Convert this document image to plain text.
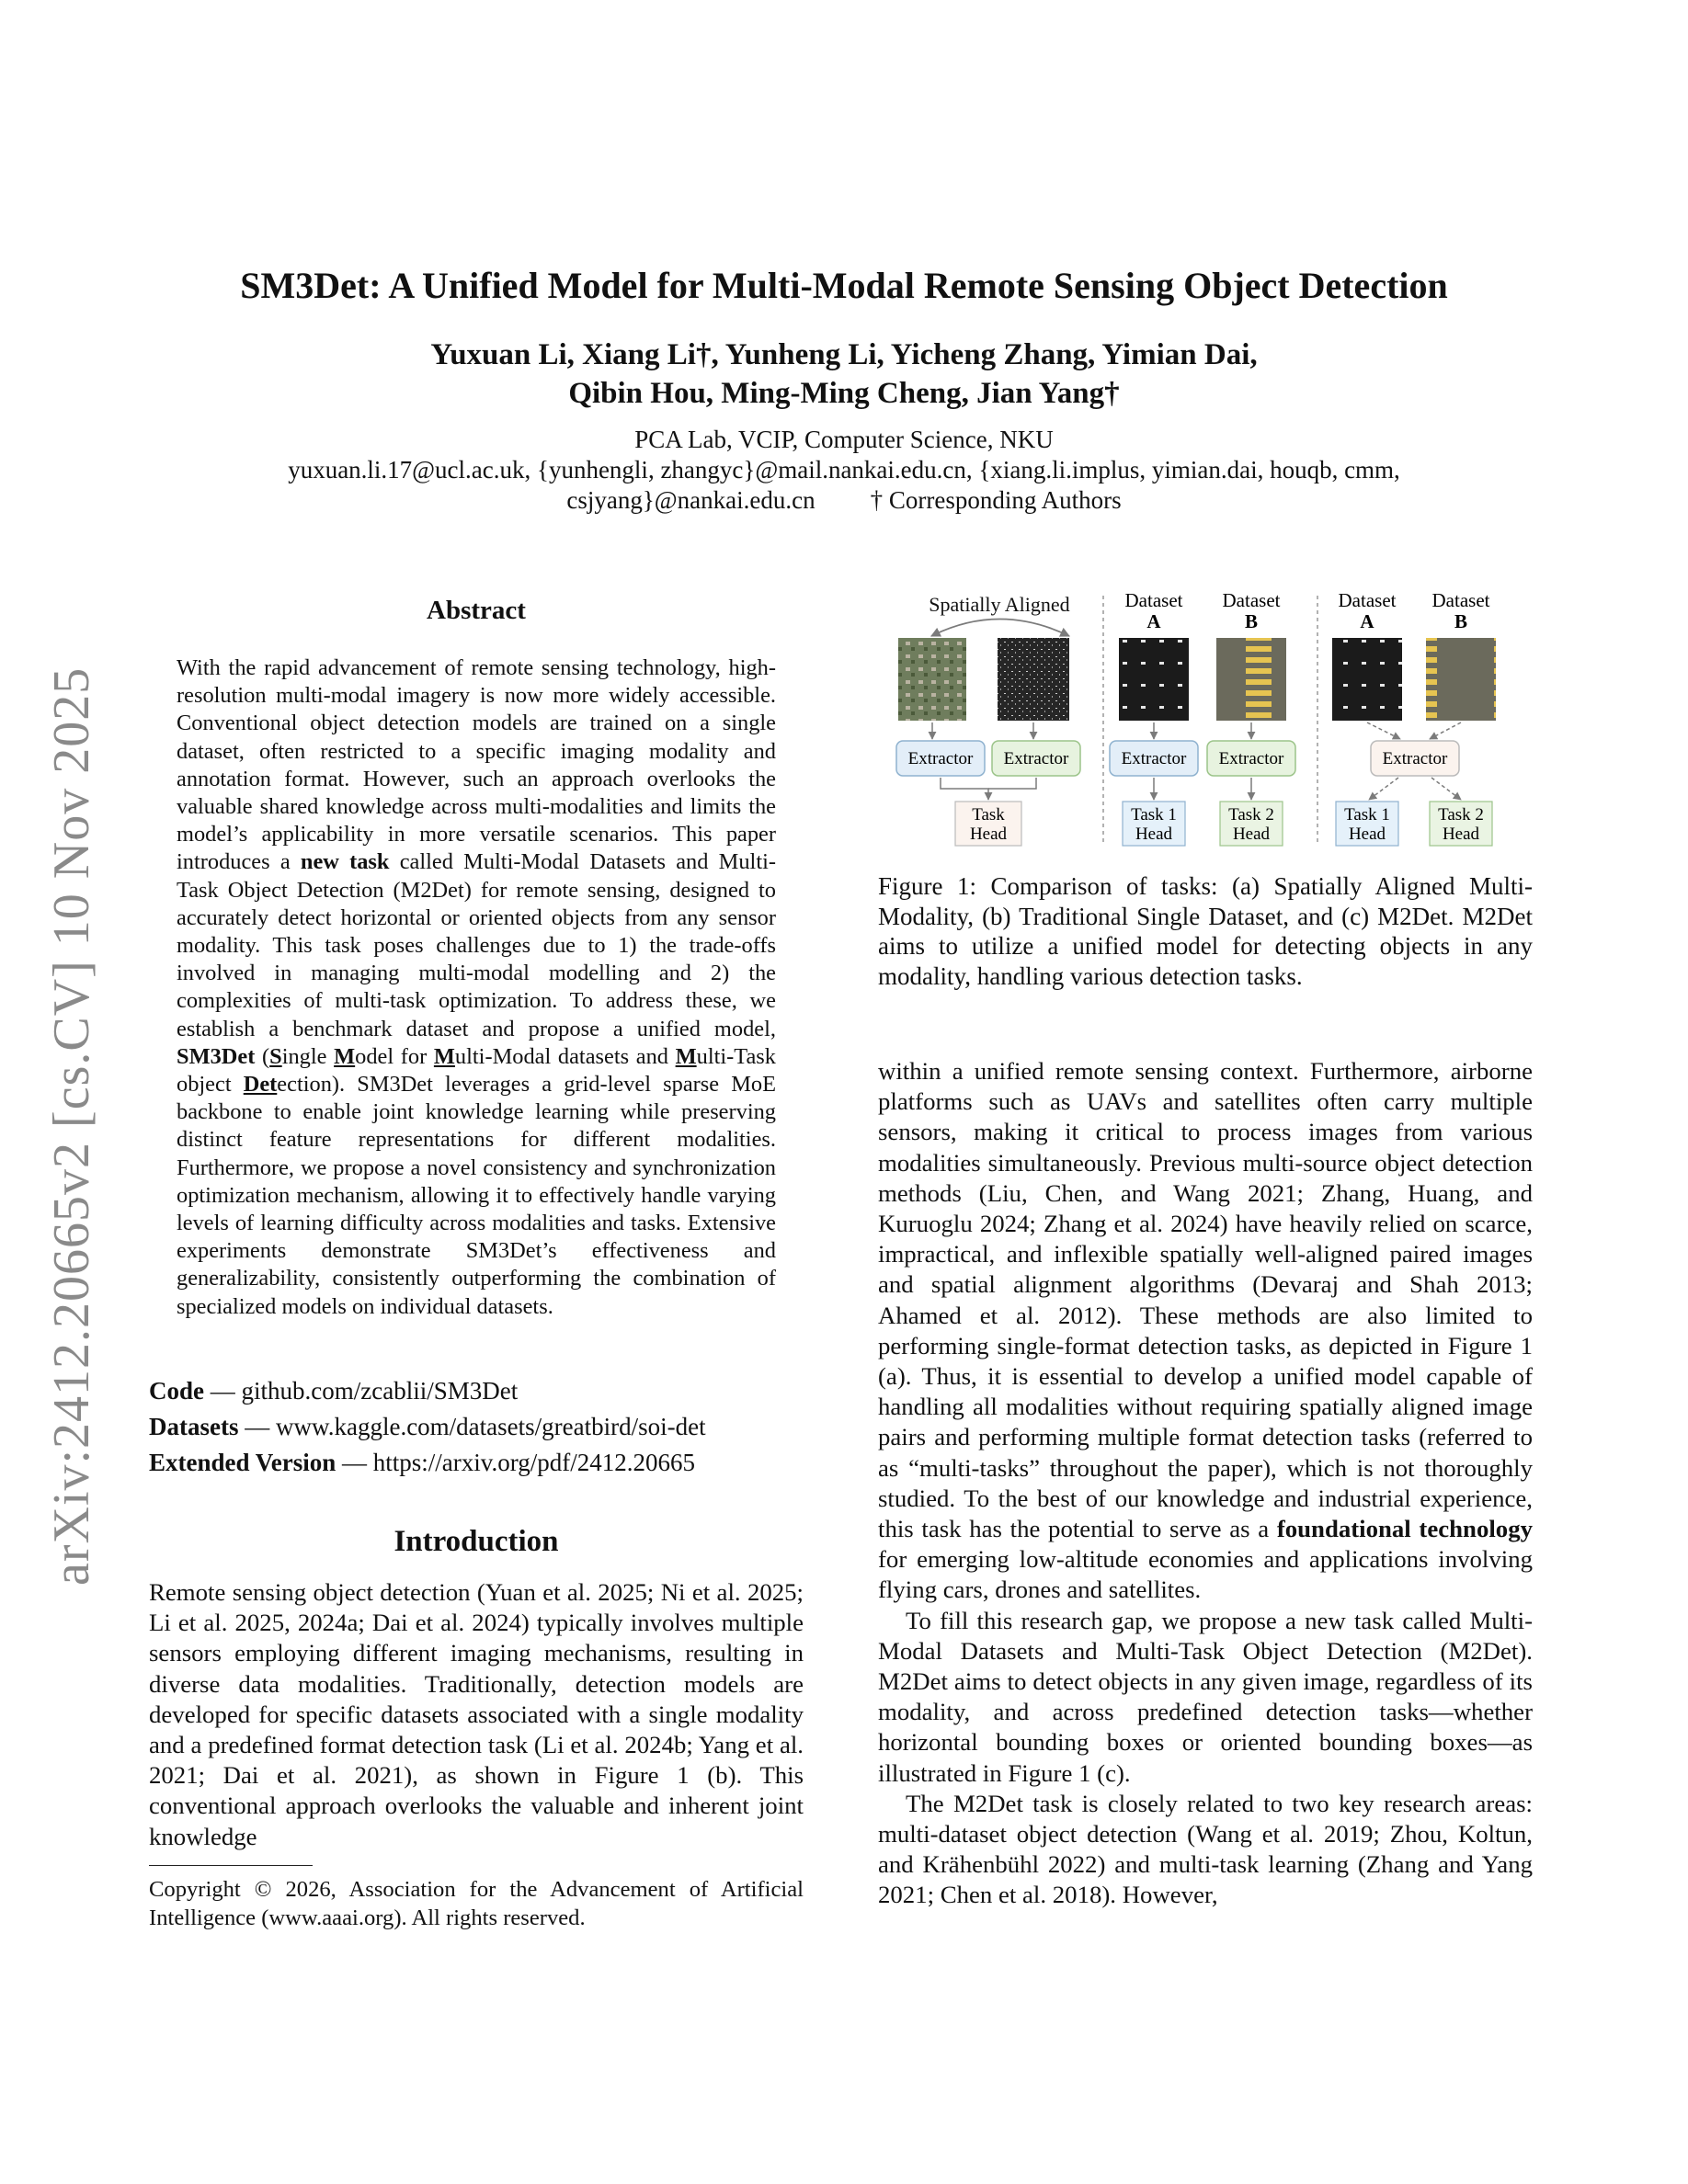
arXiv:2412.20665v2 [cs.CV] 10 Nov 2025
SM3Det: A Unified Model for Multi-Modal Remote Sensing Object Detection
Yuxuan Li, Xiang Li†, Yunheng Li, Yicheng Zhang, Yimian Dai,
Qibin Hou, Ming-Ming Cheng, Jian Yang†
PCA Lab, VCIP, Computer Science, NKU
yuxuan.li.17@ucl.ac.uk, {yunhengli, zhangyc}@mail.nankai.edu.cn, {xiang.li.implus, yimian.dai, houqb, cmm,
csjyang}@nankai.edu.cn † Corresponding Authors
Abstract
With the rapid advancement of remote sensing technology, high-resolution multi-modal imagery is now more widely accessible. Conventional object detection models are trained on a single dataset, often restricted to a specific imaging modality and annotation format. However, such an approach overlooks the valuable shared knowledge across multi-modalities and limits the model’s applicability in more versatile scenarios. This paper introduces a new task called Multi-Modal Datasets and Multi-Task Object Detection (M2Det) for remote sensing, designed to accurately detect horizontal or oriented objects from any sensor modality. This task poses challenges due to 1) the trade-offs involved in managing multi-modal modelling and 2) the complexities of multi-task optimization. To address these, we establish a benchmark dataset and propose a unified model, SM3Det (Single Model for Multi-Modal datasets and Multi-Task object Detection). SM3Det leverages a grid-level sparse MoE backbone to enable joint knowledge learning while preserving distinct feature representations for different modalities. Furthermore, we propose a novel consistency and synchronization optimization mechanism, allowing it to effectively handle varying levels of learning difficulty across modalities and tasks. Extensive experiments demonstrate SM3Det’s effectiveness and generalizability, consistently outperforming the combination of specialized models on individual datasets.
Code — github.com/zcablii/SM3Det
Datasets — www.kaggle.com/datasets/greatbird/soi-det
Extended Version — https://arxiv.org/pdf/2412.20665
Introduction

Remote sensing object detection (Yuan et al. 2025; Ni et al. 2025; Li et al. 2025, 2024a; Dai et al. 2024) typically involves multiple sensors employing different imaging mechanisms, resulting in diverse data modalities. Traditionally, detection models are developed for specific datasets associated with a single modality and a predefined format detection task (Li et al. 2024b; Yang et al. 2021; Dai et al. 2021), as shown in Figure 1 (b). This conventional approach overlooks the valuable and inherent joint knowledge

Copyright © 2026, Association for the Advancement of Artificial Intelligence (www.aaai.org). All rights reserved.
Spatially Aligned
Extractor Extractor
Task
Head
Dataset
A
Dataset
B
Extractor Extractor
Task 1
Head
Task 2
Head
Dataset
A
Dataset
B
Extractor
Task 1
Head
Task 2
Head
Figure 1: Comparison of tasks: (a) Spatially Aligned Multi-Modality, (b) Traditional Single Dataset, and (c) M2Det. M2Det aims to utilize a unified model for detecting objects in any modality, handling various detection tasks.

within a unified remote sensing context. Furthermore, airborne platforms such as UAVs and satellites often carry multiple sensors, making it critical to process images from various modalities simultaneously. Previous multi-source object detection methods (Liu, Chen, and Wang 2021; Zhang, Huang, and Kuruoglu 2024; Zhang et al. 2024) have heavily relied on scarce, impractical, and inflexible spatially well-aligned paired images and spatial alignment algorithms (Devaraj and Shah 2013; Ahamed et al. 2012). These methods are also limited to performing single-format detection tasks, as depicted in Figure 1 (a). Thus, it is essential to develop a unified model capable of handling all modalities without requiring spatially aligned image pairs and performing multiple format detection tasks (referred to as “multi-tasks” throughout the paper), which is not thoroughly studied. To the best of our knowledge and industrial experience, this task has the potential to serve as a foundational technology for emerging low-altitude economies and applications involving flying cars, drones and satellites.

To fill this research gap, we propose a new task called Multi-Modal Datasets and Multi-Task Object Detection (M2Det). M2Det aims to detect objects in any given image, regardless of its modality, and across predefined detection tasks—whether horizontal bounding boxes or oriented bounding boxes—as illustrated in Figure 1 (c).

The M2Det task is closely related to two key research areas: multi-dataset object detection (Wang et al. 2019; Zhou, Koltun, and Krähenbühl 2022) and multi-task learning (Zhang and Yang 2021; Chen et al. 2018). However,
